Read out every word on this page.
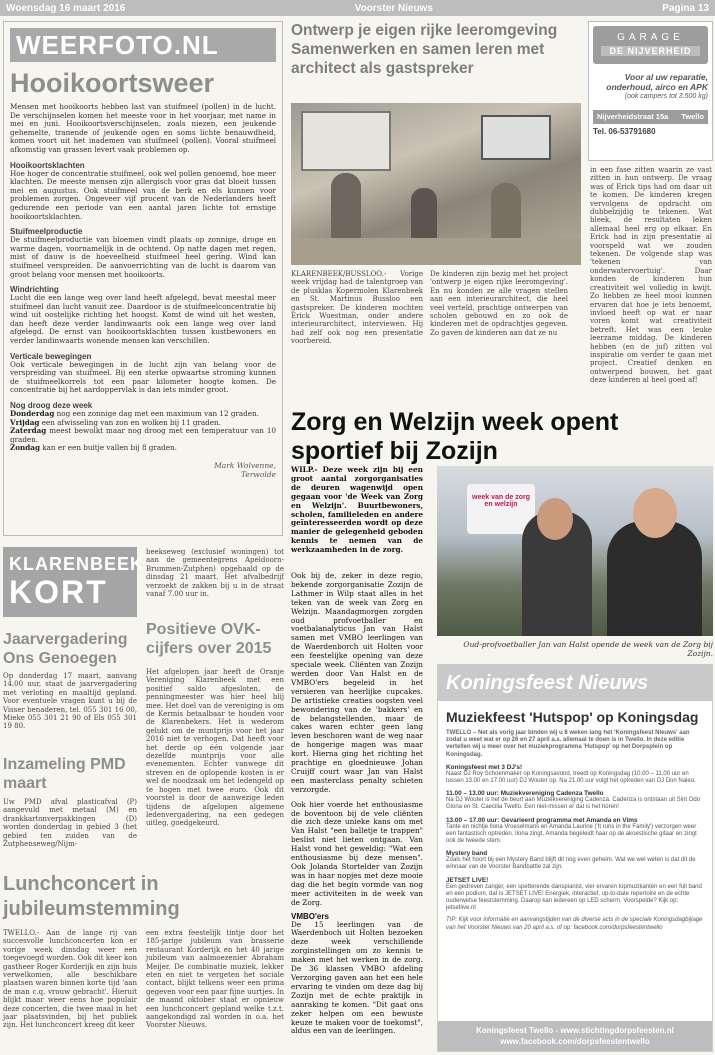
Woensdag 16 maart 2016	Voorster Nieuws	Pagina 13
WEERFOTO.NL
Hooikoortsweer

Mensen met hooikoorts hebben last van stuifmeel (pollen) in de lucht. De verschijnselen komen het meeste voor in het voorjaar, met name in mei en juni. Hooikoortsverschijnselen, zoals niezen, een jeukende gehemelte, tranende of jeukende ogen en soms lichte benauwdheid, komen voort uit het inademen van stuifmeel (pollen). Vooral stuifmeel afkomstig van grassen levert vaak problemen op.

Hooikoortsklachten

Hoe hoger de concentratie stuifmeel, ook wel pollen genoemd, hoe meer klachten. De meeste mensen zijn allergisch voor gras dat bloeit tussen mei en augustus. Ook stuifmeel van de berk en els kunnen voor problemen zorgen. Ongeveer vijf procent van de Nederlanders heeft gedurende een periode van een aantal jaren lichte tot ernstige hooikoortsklachten.

Stuifmeelproductie

De stuifmeelproductie van bloemen vindt plaats op zonnige, droge en warme dagen, voornamelijk in de ochtend. Op natte dagen met regen, mist of dauw is de hoeveelheid stuifmeel heel gering. Wind kan stuifmeel verspreiden. De aanvoerrichting van de lucht is daarom van groot belang voor mensen met hooikoorts.

Windrichting

Lucht die een lange weg over land heeft afgelegd, bevat meestal meer stuifmeel dan lucht vanuit zee. Daardoor is de stuifmeelconcentratie bij wind uit oostelijke richting het hoogst. Komt de wind uit het westen, dan heeft deze verder landinwaarts ook een lange weg over land afgelegd. De ernst van hooikoortsklachten tussen kustbewoners en verder landinwaarts wonende mensen kan verschillen.

Verticale bewegingen

Ook verticale bewegingen in de lucht zijn van belang voor de verspreiding van stuifmeel. Bij een sterke opwaartse stroming kunnen de stuifmeelkorrels tot een paar kilometer hoogte komen. De concentratie bij het aardoppervlak is dan iets minder groot.

Nog droog deze week
Donderdag nog een zonnige dag met een maximum van 12 graden.
Vrijdag een afwisseling van zon en wolken bij 11 graden.
Zaterdag meest bewolkt maar nog droog met een temperatuur van 10 graden.
Zondag kan er een buitje vallen bij 8 graden.
Mark Wolvenne,
Terwolde
KLARENBEEK
KORT
Jaarvergadering Ons Genoegen
Op donderdag 17 maart, aanvang 14.00 uur, staat de jaarvergadering met verloting en maaltijd gepland. Voor eventuele vragen kunt u bij de Visser benaderen, tel. 055 301 16 00, Mieke 055 301 21 90 of Els 055 301 19 80.
Inzameling PMD maart
Uw PMD afval plasticafval (P) aangevuld met metaal (M) en drankkartonverpakkingen (D) worden donderdag in gebied 3 (het gebied ten zuiden van de Zutphenseweg/Nijm-
beekseweg (exclusief woningen) tot aan de gemeentegrens Apeldoorn-Brummen-Zutphen) opgehaald op de dinsdag 21 maart. Het afvalbedrijf verzoekt de zakken bij u in de straat vanaf 7.00 uur in.
Positieve OVK-cijfers over 2015
Het afgelopen jaar heeft de Oranje Vereniging Klarenbeek met een positief saldo afgesloten, de penningmeester was hier heel blij mee. Het doel van de vereniging is om de Kermis betaalbaar te houden voor de Klarenbekers. Het is wederom gelukt om de muntprijs voor het jaar 2016 niet te verhogen. Dat heeft voor het derde op één volgende jaar dezelfde muntprijs voor alle evenementen. Echter vanwege dit streven en de oplopende kosten is er wel de noodzaak om het ledengeld op te hogen met twee euro. Ook dit voorstel is door de aanwezige leden tijdens de afgelopen algemene ledenvergadering, na een gedegen uitleg, goedgekeurd.
Lunchconcert in jubileumstemming
TWELLO.- Aan de lange rij van succesvolle lunchconcerten kon er vorige week dinsdag weer een toegevoegd worden. Ook dit keer kon gastheer Roger Korderijk en zijn huis verwelkomen, alle beschikbare plaatsen waren binnen korte tijd 'aan de man c.q. vrouw gebracht'. Hieruit blijkt maar weer eens hoe populair deze concerten, die twee maal in het jaar plaatsvinden, bij het publiek zijn. Het lunchconcert kreeg dit keer
een extra feestelijk tintje door het 185-jarige jubileum van brasserie restaurant Korderijk en het 40 jarige jubileum van aalmoezenier Abraham Meijer. De combinatie muziek, lekker eten en niet te vergeten het sociale contact, blijkt telkens weer een prima gegeven voor een paar fijne uurtjes. In de maand oktober staat er opnieuw een lunchconcert gepland welke t.z.t. aangekondigd zal worden in o.a. het Voorster Nieuws.
Ontwerp je eigen rijke leeromgeving Samenwerken en samen leren met architect als gastspreker
KLARENBEEK/BUSSLOO.- Vorige week vrijdag had de talentgroep van de plusklas Kopermolen Klarenbeek en St. Martinus Bussloo een gastspreker. De kinderen mochten Erick Wuestman, onder andere interieurarchitect, interviewen. Hij had zelf ook nog een presentatie voorbereid.
De kinderen zijn bezig met het project 'ontwerp je eigen rijke leeromgeving'. En nu konden ze alle vragen stellen aan een interieurarchitect, die heel veel verteld, prachtige ontwerpen van scholen gebouwd en zo ook de kinderen met de opdrachtjes gegeven. Zo gaven de kinderen aan dat ze nu
in een fase zitten waarin ze vast zitten in hun ontwerp. De vraag was of Erick tips had om daar uit te komen. De kinderen kregen vervolgens de opdracht om dubbelzijdig te tekenen. Wat bleek, de resultaten leken allemaal heel erg op elkaar. En Erick had in zijn presentatie al voorspeld wat we zouden tekenen. De volgende stap was 'tekenen van onderwatervoertuig'. Daar konden de kinderen hun creativiteit wel volledig in kwijt. Zo hebben ze heel mooi kunnen ervaren dat hoe je iets benoemt, invloed heeft op wat er naar voren komt wat creativiteit betreft. Het was een leuke leerzame middag. De kinderen hebben (en de juf) zitten vol inspiratie om verder te gaan met project. Creatief denken en ontwerpend bouwen, het gaat deze kinderen al heel goed af!
GARAGE
DE NIJVERHEID
Voor al uw reparatie,
onderhoud, airco en APK
(ook campers tot 3.500 kg)
Nijverheidstraat 15a Twello
Tel. 06-53791680
Zorg en Welzijn week opent sportief bij Zozijn
WILP.- Deze week zijn bij een groot aantal zorgorganisaties de deuren wagenwijd open gegaan voor 'de Week van Zorg en Welzijn'. Buurtbewoners, scholen, familieleden en andere geïnteresseerden wordt op deze manier de gelegenheid geboden kennis te nemen van de werkzaamheden in de zorg.

Ook bij de, zeker in deze regio, bekende zorgorganisatie Zozijn de Lathmer in Wilp staat alles in het teken van de week van Zorg en Welzijn. Maandagmorgen zorgden oud profvoetballer en voetbalanalyticus Jan van Halst samen met VMBO leerlingen van de Waerdenborch uit Holten voor een feestelijke opening van deze speciale week. Cliënten van Zozijn werden door Van Halst en de VMBO'ers begeleid in het versieren van heerlijke cupcakes. De artistieke creaties oogsten veel bewondering van de 'bakkers' en de belangstellenden, maar de cakes waren echter geen lang leven beschoren want de weg naar de hongerige magen was maar kort. Hierna ging het richting het prachtige en gloednieuwe Johan Cruijff court waar Jan van Halst een masterclass penalty schieten verzorgde.

Ook hier voerde het enthousiasme de boventoon bij de vele cliënten die zich deze unieke kans om met Van Halst "een balletje te trappen" beslist niet lieten ontgaan. Van Halst vond het geweldig: "Wat een enthousiasme bij deze mensen". Ook Jolanda Stortelder van Zozijn was in haar nopjes met deze mooie dag die het begin vormde van nog meer activiteiten in de week van de Zorg.

VMBO'ers

De 15 leerlingen van de Waerdenboch uit Holten bezoeken deze week verschillende zorginstellingen om zo kennis te maken met het werken in de zorg. De 36 klassen VMBO afdeling Verzorging gaven aan het een hele ervaring te vinden om deze dag bij Zozijn met de echte praktijk in aanraking te komen. "Dit gaat ons zeker helpen om een bewuste keuze te maken voor de toekomst", aldus een van de leerlingen.

week van de zorg en welzijn
Oud-profvoetballer Jan van Halst opende de week van de Zorg bij Zozijn.
Koningsfeest Nieuws
Muziekfeest 'Hutspop' op Koningsdag
TWELLO – Net als vorig jaar binden wij u 8 weken lang het 'Koningsfeest Nieuws' aan zodat u weet wat er op 26 en 27 april a.s. allemaal te doen is in Twello. In deze editie vertellen wij u meer over het muziekprogramma 'Hutspop' op het Dorpsplein op Koningsdag.
Koningsfeest met 3 DJ's!
Naast DJ Roy Schoenmaker op Koningsavond, treedt op Koningsdag (10.00 – 11.00 uur en tussen 13.00 en 17.00 uur) DJ Wouter op. Na 21.00 uur volgt het optreden van DJ Don Naleo.
11.00 – 13.00 uur: Muziekvereniging Cadenza Twello
Na DJ Wouter is het de beurt aan Muziekvereniging Cadenza. Cadenza is ontstaan uit Sint Odo Gloria en St. Caecilia Twello. Een niet-missen er dat is het horen!
13.00 – 17.00 uur: Gevarieerd programma met Amanda en Vims
Tante en nichtje Ilona Vroeselmans en Amanda Laurine ('It runs in the Family') verzorgen weer een fantastisch optreden. Ilona zingt, Amanda begeleidt haar op de akoestische gitaar en zingt ook de tweede stem.
Mystery band
Zoals het hoort bij een Mystery Band blijft dit nog even geheim. Wat we wel weten is dat dit de winnaar van de Voorster Bandbattle zal zijn.
JETSET LIVE!
Een gedreven zanger, een spetterende danspianist, vier ervaren topmuzikanten en een full band en een podium, dat is JETSET LIVE! Energiek, interactief, up-to-date repertoire en de echte ouderwetse feeststemming. Daarop kan iedereen op LED scherm. Voorspelde? Kijk op: jetsetlive.nl
TIP: Kijk voor informatie en aanvangstijden van de diverse acts in de speciale Koningsdagbijlage van het Voorster Nieuws van 20 april a.s. of op: facebook.com/dorpsfeestentwello
Koningsfeest Twello - www.stichtingdorpsfeesten.nl
www.facebook.com/dorpsfeestentwello
